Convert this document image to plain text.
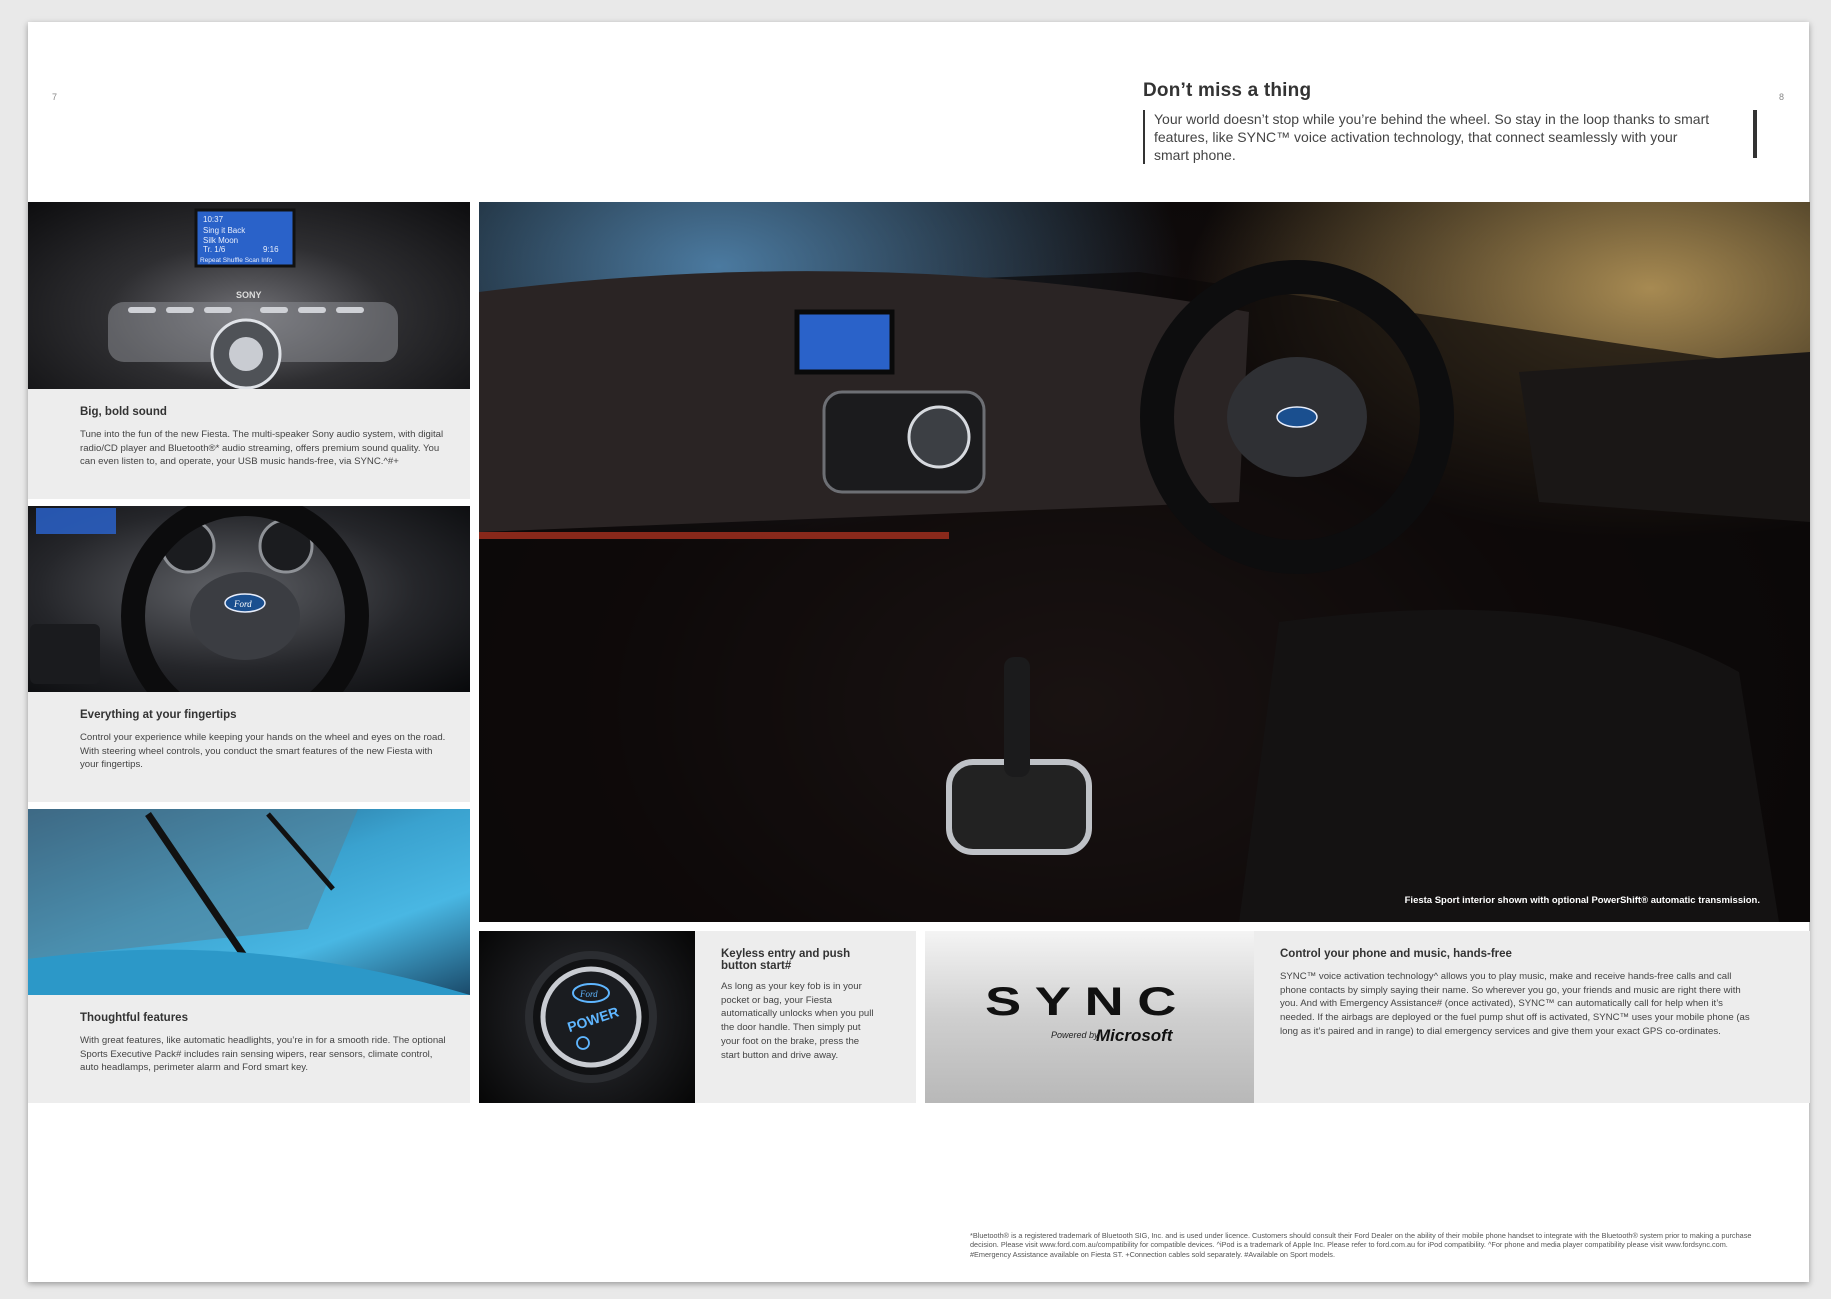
7	8
Don’t miss a thing

Your world doesn’t stop while you’re behind the wheel. So stay in the loop thanks to smart features, like SYNC™ voice activation technology, that connect seamlessly with your smart phone.

10:37
Sing it Back
Silk Moon
Tr. 1/6	9:16
Repeat Shuffle Scan Info
SONY
Big, bold sound

Tune into the fun of the new Fiesta. The multi-speaker Sony audio system, with digital radio/CD player and Bluetooth®* audio streaming, offers premium sound quality. You can even listen to, and operate, your USB music hands-free, via SYNC.^#+

Ford
Everything at your fingertips

Control your experience while keeping your hands on the wheel and eyes on the road. With steering wheel controls, you conduct the smart features of the new Fiesta with your fingertips.

Thoughtful features

With great features, like automatic headlights, you’re in for a smooth ride. The optional Sports Executive Pack# includes rain sensing wipers, rear sensors, climate control, auto headlamps, perimeter alarm and Ford smart key.

Fiesta Sport interior shown with optional PowerShift® automatic transmission.
Ford
POWER
Keyless entry and push button start#

As long as your key fob is in your pocket or bag, your Fiesta automatically unlocks when you pull the door handle. Then simply put your foot on the brake, press the start button and drive away.

SYNC
Powered by
Microsoft
Control your phone and music, hands-free

SYNC™ voice activation technology^ allows you to play music, make and receive hands-free calls and call phone contacts by simply saying their name. So wherever you go, your friends and music are right there with you. And with Emergency Assistance# (once activated), SYNC™ can automatically call for help when it’s needed. If the airbags are deployed or the fuel pump shut off is activated, SYNC™ uses your mobile phone (as long as it’s paired and in range) to dial emergency services and give them your exact GPS co-ordinates.

*Bluetooth® is a registered trademark of Bluetooth SIG, Inc. and is used under licence. Customers should consult their Ford Dealer on the ability of their mobile phone handset to integrate with the Bluetooth® system prior to making a purchase decision. Please visit www.ford.com.au/compatibility for compatible devices. ^iPod is a trademark of Apple Inc. Please refer to ford.com.au for iPod compatibility. ^For phone and media player compatibility please visit www.fordsync.com. #Emergency Assistance available on Fiesta ST. +Connection cables sold separately. #Available on Sport models.
